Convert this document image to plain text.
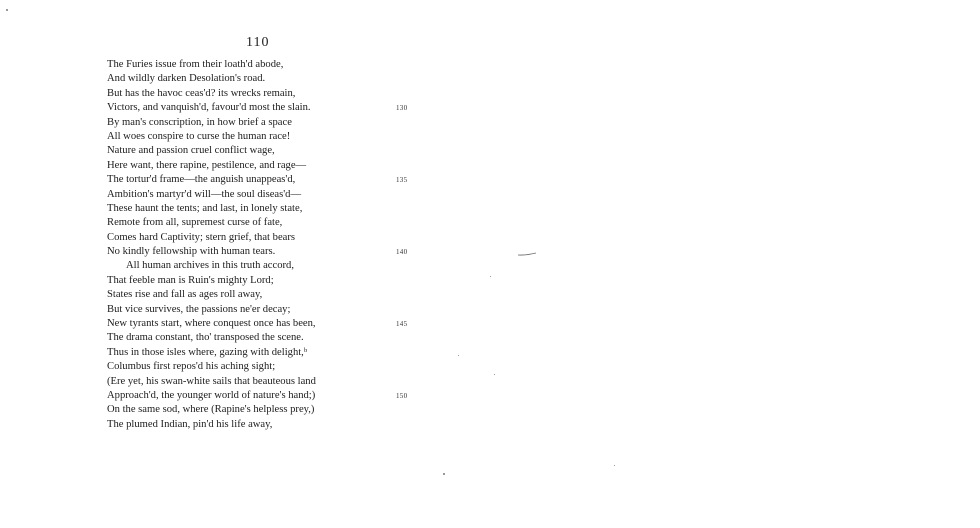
110
The Furies issue from their loath'd abode,
And wildly darken Desolation's road.
But has the havoc ceas'd? its wrecks remain,
Victors, and vanquish'd, favour'd most the slain.	130
By man's conscription, in how brief a space
All woes conspire to curse the human race!
Nature and passion cruel conflict wage,
Here want, there rapine, pestilence, and rage—
The tortur'd frame—the anguish unappeas'd,	135
Ambition's martyr'd will—the soul diseas'd—
These haunt the tents; and last, in lonely state,
Remote from all, supremest curse of fate,
Comes hard Captivity; stern grief, that bears
No kindly fellowship with human tears.	140
All human archives in this truth accord,
That feeble man is Ruin's mighty Lord;
States rise and fall as ages roll away,
But vice survives, the passions ne'er decay;
New tyrants start, where conquest once has been,	145
The drama constant, tho' transposed the scene.
Thus in those isles where, gazing with delight,ᵇ
Columbus first repos'd his aching sight;
(Ere yet, his swan-white sails that beauteous land
Approach'd, the younger world of nature's hand;)	150
On the same sod, where (Rapine's helpless prey,)
The plumed Indian, pin'd his life away,
